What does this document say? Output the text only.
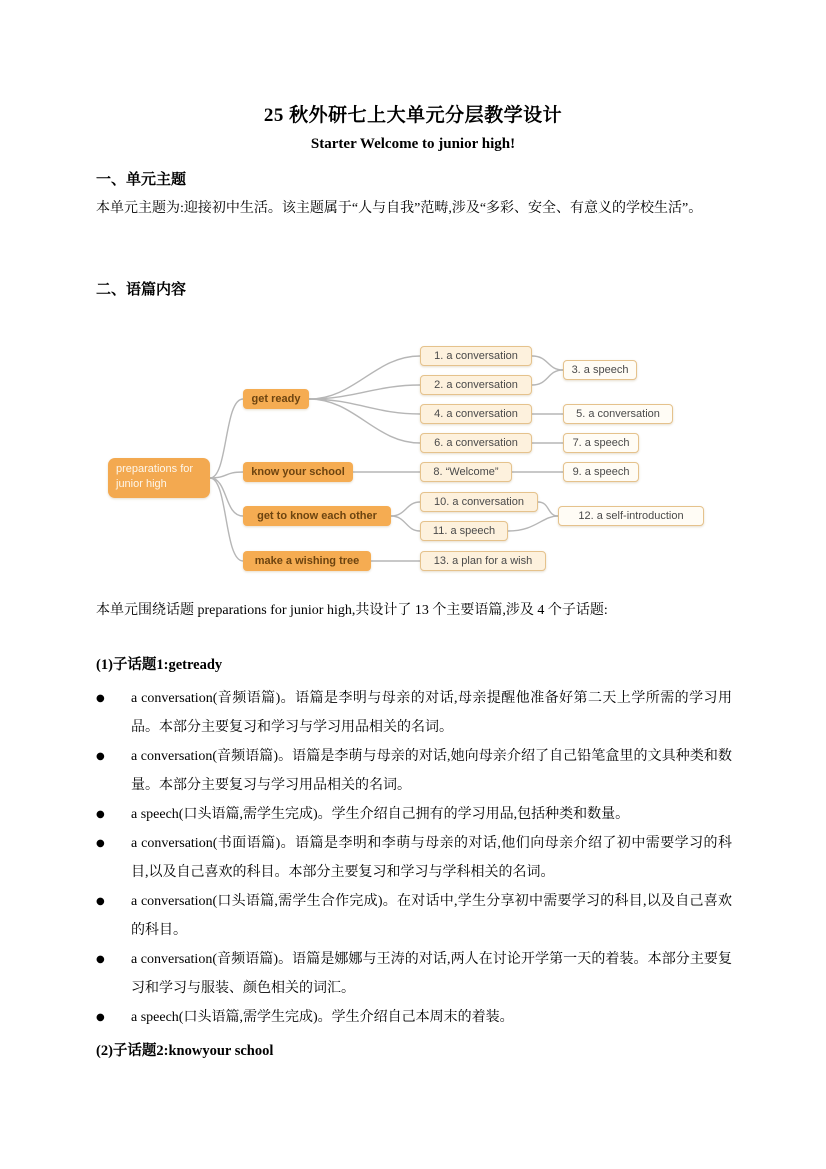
25 秋外研七上大单元分层教学设计
Starter Welcome to junior high!
一、单元主题
本单元主题为:迎接初中生活。该主题属于“人与自我”范畴,涉及“多彩、安全、有意义的学校生活”。
二、语篇内容
preparations for junior high
get ready
know your school
get to know each other
make a wishing tree
1. a conversation
2. a conversation
3. a speech
4. a conversation	5. a conversation
6. a conversation	7. a speech
8. “Welcome”	9. a speech
10. a conversation
11. a speech
12. a self-introduction
13. a plan for a wish
本单元围绕话题 preparations for junior high,共设计了 13 个主要语篇,涉及 4 个子话题:
(1)子话题1:getready
●	a conversation(音频语篇)。语篇是李明与母亲的对话,母亲提醒他准备好第二天上学所需的学习用品。本部分主要复习和学习与学习用品相关的名词。
●	a conversation(音频语篇)。语篇是李萌与母亲的对话,她向母亲介绍了自己铅笔盒里的文具种类和数量。本部分主要复习与学习用品相关的名词。
●	a speech(口头语篇,需学生完成)。学生介绍自己拥有的学习用品,包括种类和数量。
●	a conversation(书面语篇)。语篇是李明和李萌与母亲的对话,他们向母亲介绍了初中需要学习的科目,以及自己喜欢的科目。本部分主要复习和学习与学科相关的名词。
●	a conversation(口头语篇,需学生合作完成)。在对话中,学生分享初中需要学习的科目,以及自己喜欢的科目。
●	a conversation(音频语篇)。语篇是娜娜与王涛的对话,两人在讨论开学第一天的着装。本部分主要复习和学习与服装、颜色相关的词汇。
●	a speech(口头语篇,需学生完成)。学生介绍自己本周末的着装。
(2)子话题2:knowyour school
